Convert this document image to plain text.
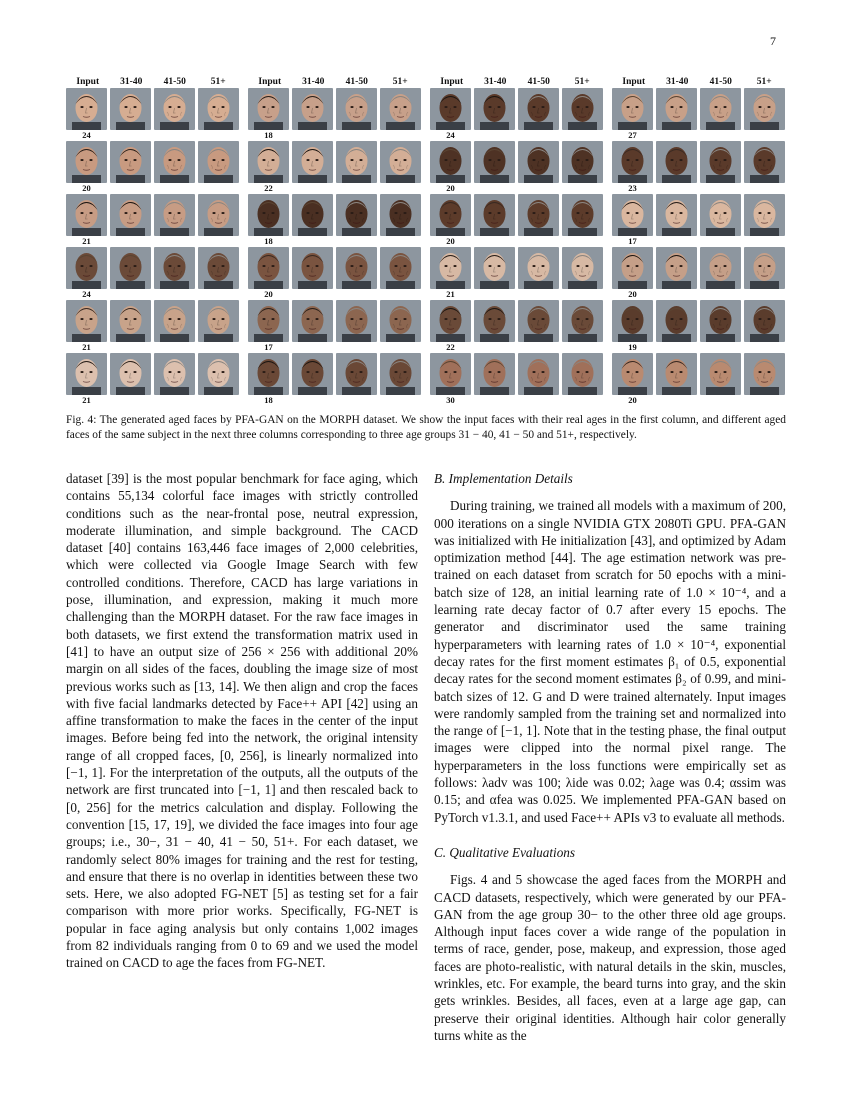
7
Input	31-40	41-50	51+
24
20
21
24
21
21
Input	31-40	41-50	51+
18
22
18
20
17
18
Input	31-40	41-50	51+
24
20
20
21
22
30
Input	31-40	41-50	51+
27
23
17
20
19
20
Fig. 4: The generated aged faces by PFA-GAN on the MORPH dataset. We show the input faces with their real ages in the first column, and different aged faces of the same subject in the next three columns corresponding to three age groups 31 − 40, 41 − 50 and 51+, respectively.

dataset [39] is the most popular benchmark for face aging, which contains 55,134 colorful face images with strictly controlled conditions such as the near-frontal pose, neutral expression, moderate illumination, and simple background. The CACD dataset [40] contains 163,446 face images of 2,000 celebrities, which were collected via Google Image Search with few controlled conditions. Therefore, CACD has large variations in pose, illumination, and expression, making it much more challenging than the MORPH dataset. For the raw face images in both datasets, we first extend the transformation matrix used in [41] to have an output size of 256 × 256 with additional 20% margin on all sides of the faces, doubling the image size of most previous works such as [13, 14]. We then align and crop the faces with five facial landmarks detected by Face++ API [42] using an affine transformation to make the faces in the center of the input images. Before being fed into the network, the original intensity range of all cropped faces, [0, 256], is linearly normalized into [−1, 1]. For the interpretation of the outputs, all the outputs of the network are first truncated into [−1, 1] and then rescaled back to [0, 256] for the metrics calculation and display. Following the convention [15, 17, 19], we divided the face images into four age groups; i.e., 30−, 31 − 40, 41 − 50, 51+. For each dataset, we randomly select 80% images for training and the rest for testing, and ensure that there is no overlap in identities between these two sets. Here, we also adopted FG-NET [5] as testing set for a fair comparison with more prior works. Specifically, FG-NET is popular in face aging analysis but only contains 1,002 images from 82 individuals ranging from 0 to 69 and we used the model trained on CACD to age the faces from FG-NET.

B. Implementation Details

During training, we trained all models with a maximum of 200, 000 iterations on a single NVIDIA GTX 2080Ti GPU. PFA-GAN was initialized with He initialization [43], and optimized by Adam optimization method [44]. The age estimation network was pre-trained on each dataset from scratch for 50 epochs with a mini-batch size of 128, an initial learning rate of 1.0 × 10⁻⁴, and a learning rate decay factor of 0.7 after every 15 epochs. The generator and discriminator used the same training hyperparameters with learning rates of 1.0 × 10⁻⁴, exponential decay rates for the first moment estimates β₁ of 0.5, exponential decay rates for the second moment estimates β₂ of 0.99, and mini-batch sizes of 12. G and D were trained alternately. Input images were randomly sampled from the training set and normalized into the range of [−1, 1]. Note that in the testing phase, the final output images were clipped into the normal pixel range. The hyperparameters in the loss functions were empirically set as follows: λadv was 100; λide was 0.02; λage was 0.4; αssim was 0.15; and αfea was 0.025. We implemented PFA-GAN based on PyTorch v1.3.1, and used Face++ APIs v3 to evaluate all methods.

C. Qualitative Evaluations

Figs. 4 and 5 showcase the aged faces from the MORPH and CACD datasets, respectively, which were generated by our PFA-GAN from the age group 30− to the other three old age groups. Although input faces cover a wide range of the population in terms of race, gender, pose, makeup, and expression, those aged faces are photo-realistic, with natural details in the skin, muscles, wrinkles, etc. For example, the beard turns into gray, and the skin gets wrinkles. Besides, all faces, even at a large age gap, can preserve their original identities. Although hair color generally turns white as the
